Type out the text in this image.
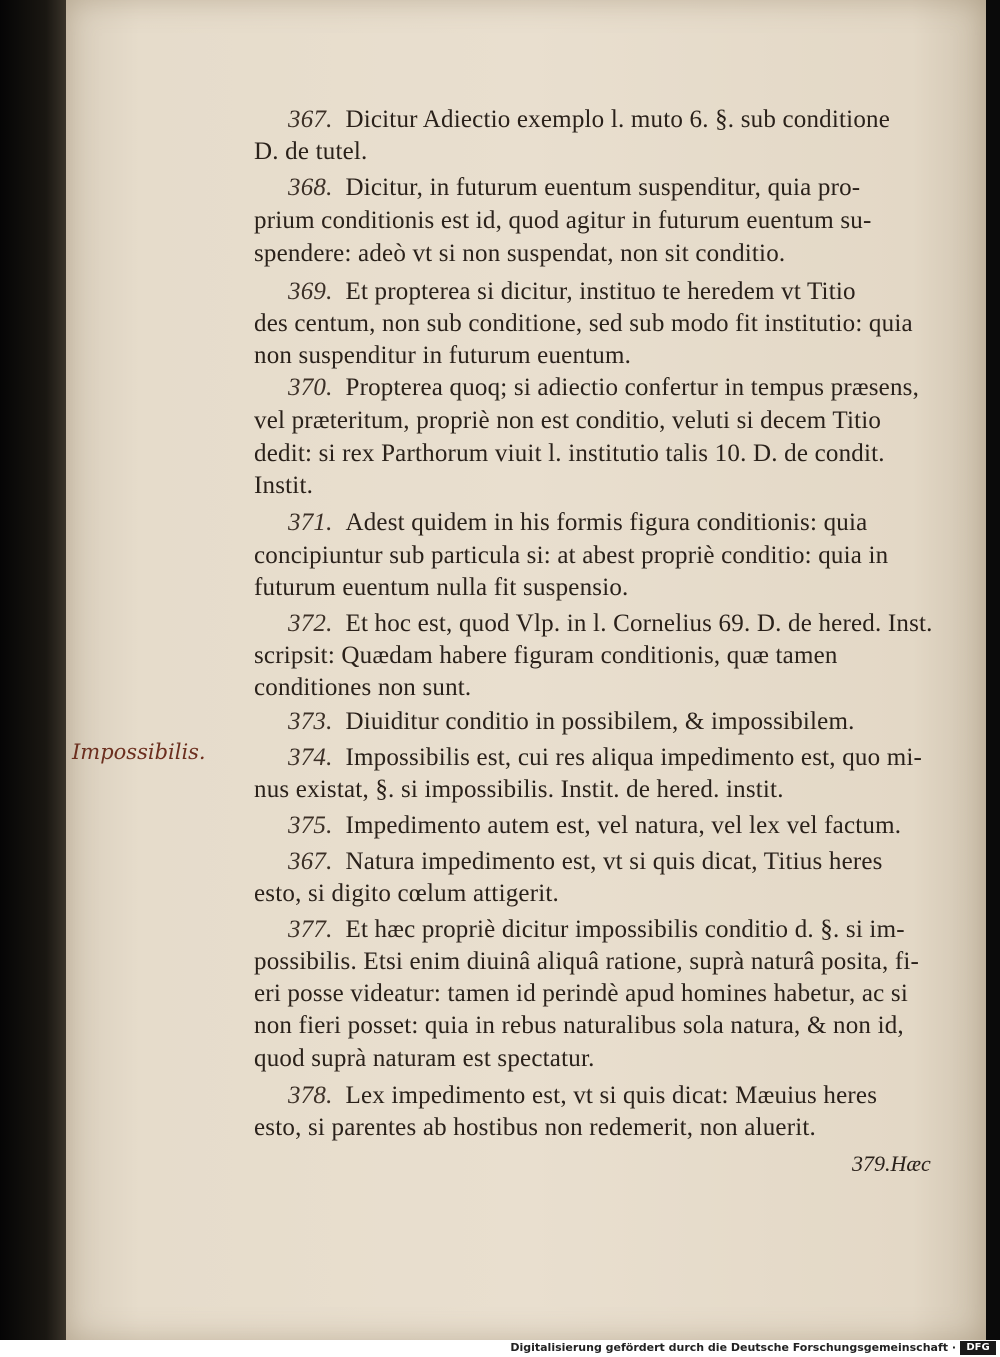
Impossibilis.
367. Dicitur Adiectio exemplo l. muto 6. §. sub conditione
D. de tutel.
368. Dicitur, in futurum euentum suspenditur, quia pro-
prium conditionis est id, quod agitur in futurum euentum su-
spendere: adeò vt si non suspendat, non sit conditio.
369. Et propterea si dicitur, instituo te heredem vt Titio
des centum, non sub conditione, sed sub modo fit institutio: quia
non suspenditur in futurum euentum.
370. Propterea quoq; si adiectio confertur in tempus præsens,
vel præteritum, propriè non est conditio, veluti si decem Titio
dedit: si rex Parthorum viuit l. institutio talis 10. D. de condit.
Instit.
371. Adest quidem in his formis figura conditionis: quia
concipiuntur sub particula si: at abest propriè conditio: quia in
futurum euentum nulla fit suspensio.
372. Et hoc est, quod Vlp. in l. Cornelius 69. D. de hered. Inst.
scripsit: Quædam habere figuram conditionis, quæ tamen
conditiones non sunt.
373. Diuiditur conditio in possibilem, & impossibilem.
374. Impossibilis est, cui res aliqua impedimento est, quo mi-
nus existat, §. si impossibilis. Instit. de hered. instit.
375. Impedimento autem est, vel natura, vel lex vel factum.
367. Natura impedimento est, vt si quis dicat, Titius heres
esto, si digito cœlum attigerit.
377. Et hæc propriè dicitur impossibilis conditio d. §. si im-
possibilis. Etsi enim diuinâ aliquâ ratione, suprà naturâ posita, fi-
eri posse videatur: tamen id perindè apud homines habetur, ac si
non fieri posset: quia in rebus naturalibus sola natura, & non id,
quod suprà naturam est spectatur.
378. Lex impedimento est, vt si quis dicat: Mæuius heres
esto, si parentes ab hostibus non redemerit, non aluerit.
379.Hæc
Digitalisierung gefördert durch die Deutsche Forschungsgemeinschaft ·	DFG
